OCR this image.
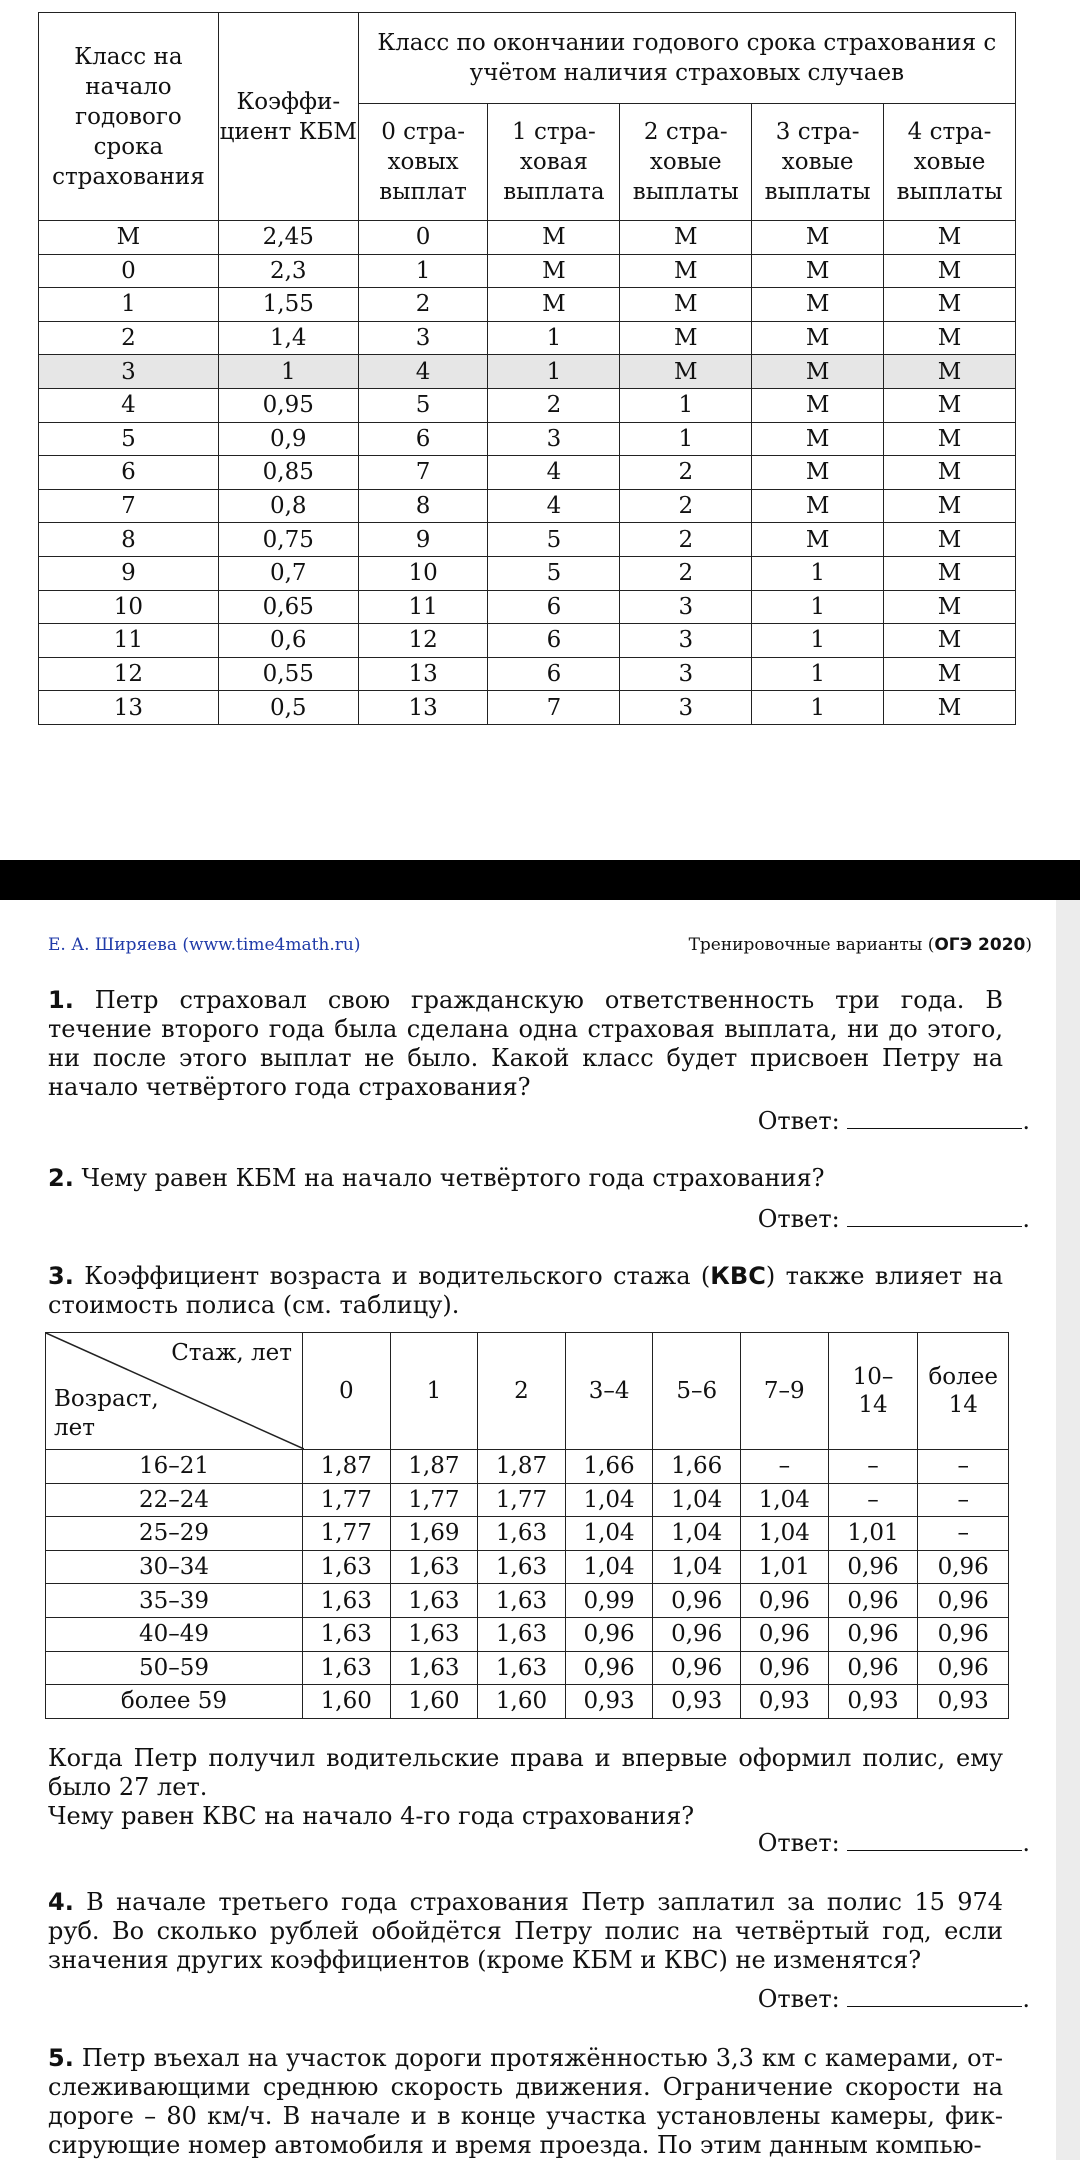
Класс на начало годового срока страхования	Коэффи-циент КБМ	Класс по окончании годового срока страхования с учётом наличия страховых случаев				
		0 стра-ховых выплат	1 стра-ховая выплата	2 стра-ховые выплаты	3 стра-ховые выплаты	4 стра-ховые выплаты
М	2,45	0	М	М	М	М
0	2,3	1	М	М	М	М
1	1,55	2	М	М	М	М
2	1,4	3	1	М	М	М
3	1	4	1	М	М	М
4	0,95	5	2	1	М	М
5	0,9	6	3	1	М	М
6	0,85	7	4	2	М	М
7	0,8	8	4	2	М	М
8	0,75	9	5	2	М	М
9	0,7	10	5	2	1	М
10	0,65	11	6	3	1	М
11	0,6	12	6	3	1	М
12	0,55	13	6	3	1	М
13	0,5	13	7	3	1	М
Е. А. Ширяева (www.time4math.ru)	Тренировочные варианты (ОГЭ 2020)

1. Петр страховал свою гражданскую ответственность три года. В течение второго года была сделана одна страховая выплата, ни до этого, ни после этого выплат не было. Какой класс будет присвоен Петру на начало четвёртого года страхования?

Ответ:	.

2. Чему равен КБМ на начало четвёртого года страхования?

Ответ:	.

3. Коэффициент возраста и водительского стажа (КВС) также влияет на стоимость полиса (см. таблицу).

Стаж, лет
Возраст, лет	0	1	2	3–4	5–6	7–9	10–14	более 14
16–21	1,87	1,87	1,87	1,66	1,66	–	–	–
22–24	1,77	1,77	1,77	1,04	1,04	1,04	–	–
25–29	1,77	1,69	1,63	1,04	1,04	1,04	1,01	–
30–34	1,63	1,63	1,63	1,04	1,04	1,01	0,96	0,96
35–39	1,63	1,63	1,63	0,99	0,96	0,96	0,96	0,96
40–49	1,63	1,63	1,63	0,96	0,96	0,96	0,96	0,96
50–59	1,63	1,63	1,63	0,96	0,96	0,96	0,96	0,96
более 59	1,60	1,60	1,60	0,93	0,93	0,93	0,93	0,93

Когда Петр получил водительские права и впервые оформил полис, ему было 27 лет.
Чему равен КВС на начало 4-го года страхования?

Ответ:	.

4. В начале третьего года страхования Петр заплатил за полис 15 974 руб. Во сколько рублей обойдётся Петру полис на четвёртый год, если значения других коэффициентов (кроме КБМ и КВС) не изменятся?

Ответ:	.

5. Петр въехал на участок дороги протяжённостью 3,3 км с камерами, от-слеживающими среднюю скорость движения. Ограничение скорости на дороге – 80 км/ч. В начале и в конце участка установлены камеры, фик-сирующие номер автомобиля и время проезда. По этим данным компью-
